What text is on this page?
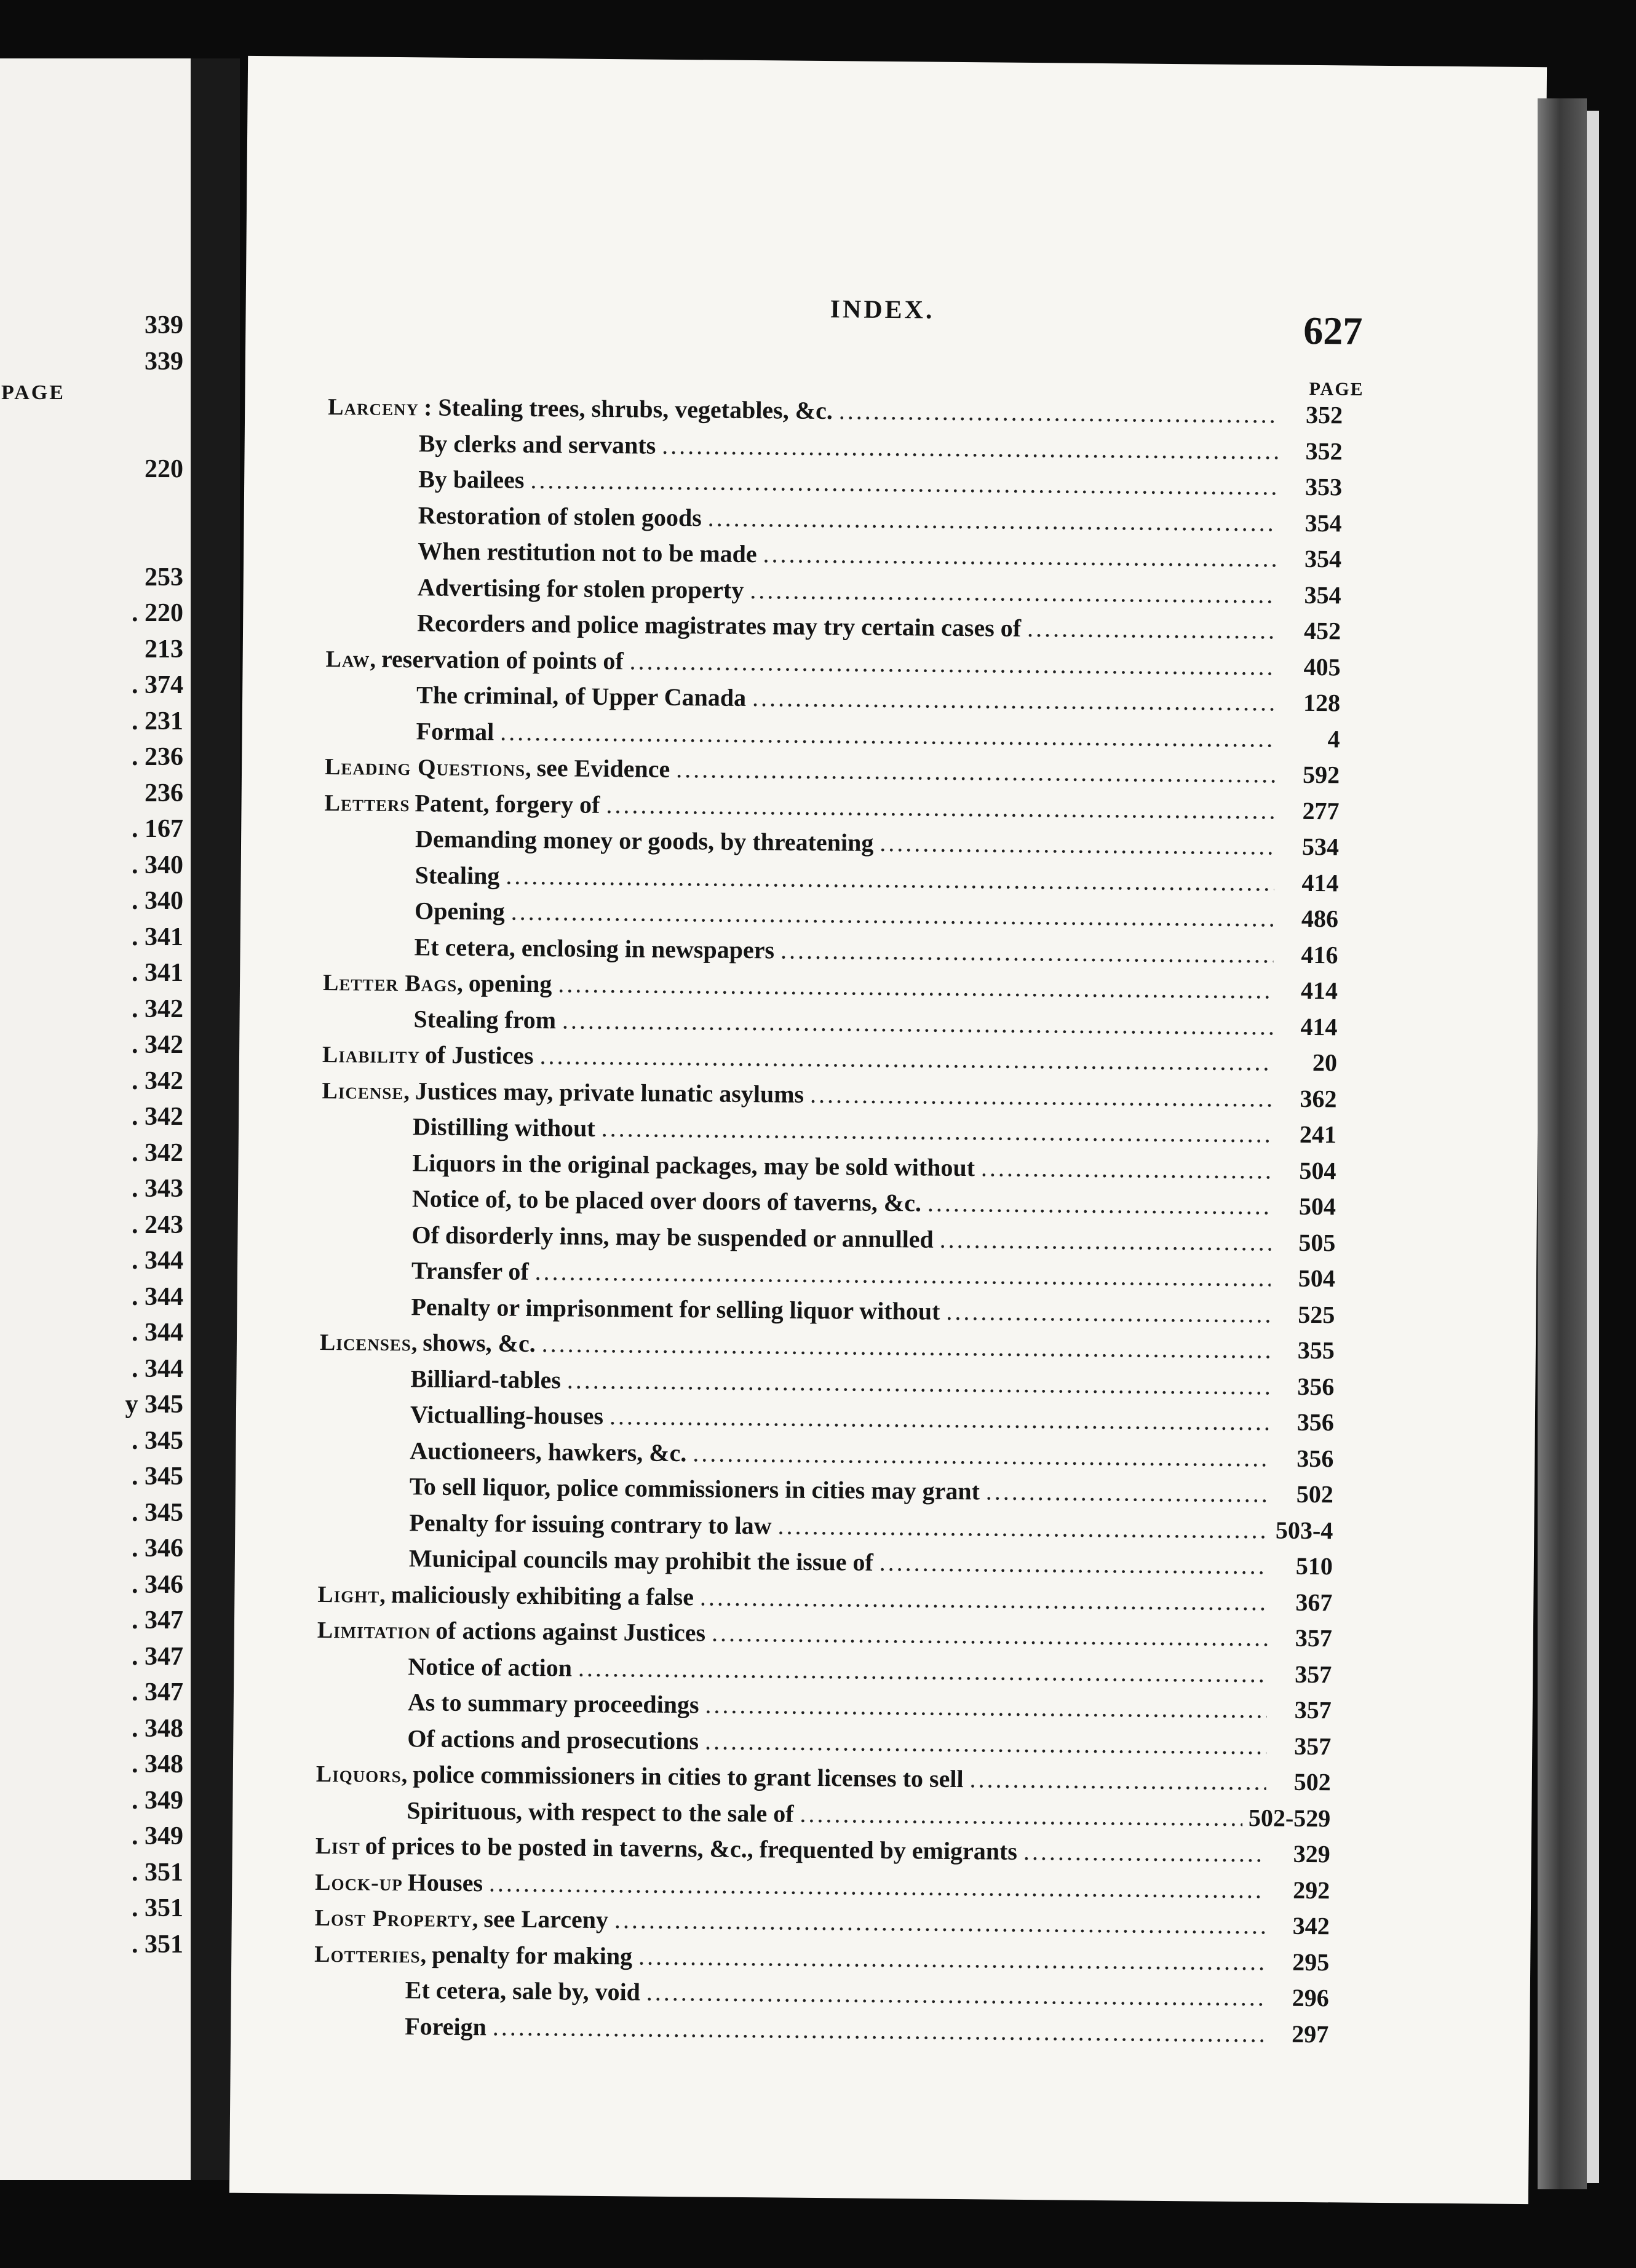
PAGE
339
339
220
253
. 220
213
. 374
. 231
. 236
236
. 167
. 340
. 340
. 341
. 341
. 342
. 342
. 342
. 342
. 342
. 343
. 243
. 344
. 344
. 344
. 344
y 345
. 345
. 345
. 345
. 346
. 346
. 347
. 347
. 347
. 348
. 348
. 349
. 349
. 351
. 351
. 351
INDEX.	627
PAGE
Larceny : Stealing trees, shrubs, vegetables, &c. .....	352
By clerks and servants .....	352
By bailees .....	353
Restoration of stolen goods .....	354
When restitution not to be made .....	354
Advertising for stolen property .....	354
Recorders and police magistrates may try certain cases of .....	452
Law, reservation of points of .....	405
The criminal, of Upper Canada .....	128
Formal .....	4
Leading Questions, see Evidence .....	592
Letters Patent, forgery of .....	277
Demanding money or goods, by threatening .....	534
Stealing .....	414
Opening .....	486
Et cetera, enclosing in newspapers .....	416
Letter Bags, opening .....	414
Stealing from .....	414
Liability of Justices .....	20
License, Justices may, private lunatic asylums .....	362
Distilling without .....	241
Liquors in the original packages, may be sold without .....	504
Notice of, to be placed over doors of taverns, &c. .....	504
Of disorderly inns, may be suspended or annulled .....	505
Transfer of .....	504
Penalty or imprisonment for selling liquor without .....	525
Licenses, shows, &c. .....	355
Billiard-tables .....	356
Victualling-houses .....	356
Auctioneers, hawkers, &c. .....	356
To sell liquor, police commissioners in cities may grant .....	502
Penalty for issuing contrary to law .....	503-4
Municipal councils may prohibit the issue of .....	510
Light, maliciously exhibiting a false .....	367
Limitation of actions against Justices .....	357
Notice of action .....	357
As to summary proceedings .....	357
Of actions and prosecutions .....	357
Liquors, police commissioners in cities to grant licenses to sell .....	502
Spirituous, with respect to the sale of .....	502-529
List of prices to be posted in taverns, &c., frequented by emigrants .....	329
Lock-up Houses .....	292
Lost Property, see Larceny .....	342
Lotteries, penalty for making .....	295
Et cetera, sale by, void .....	296
Foreign .....	297
